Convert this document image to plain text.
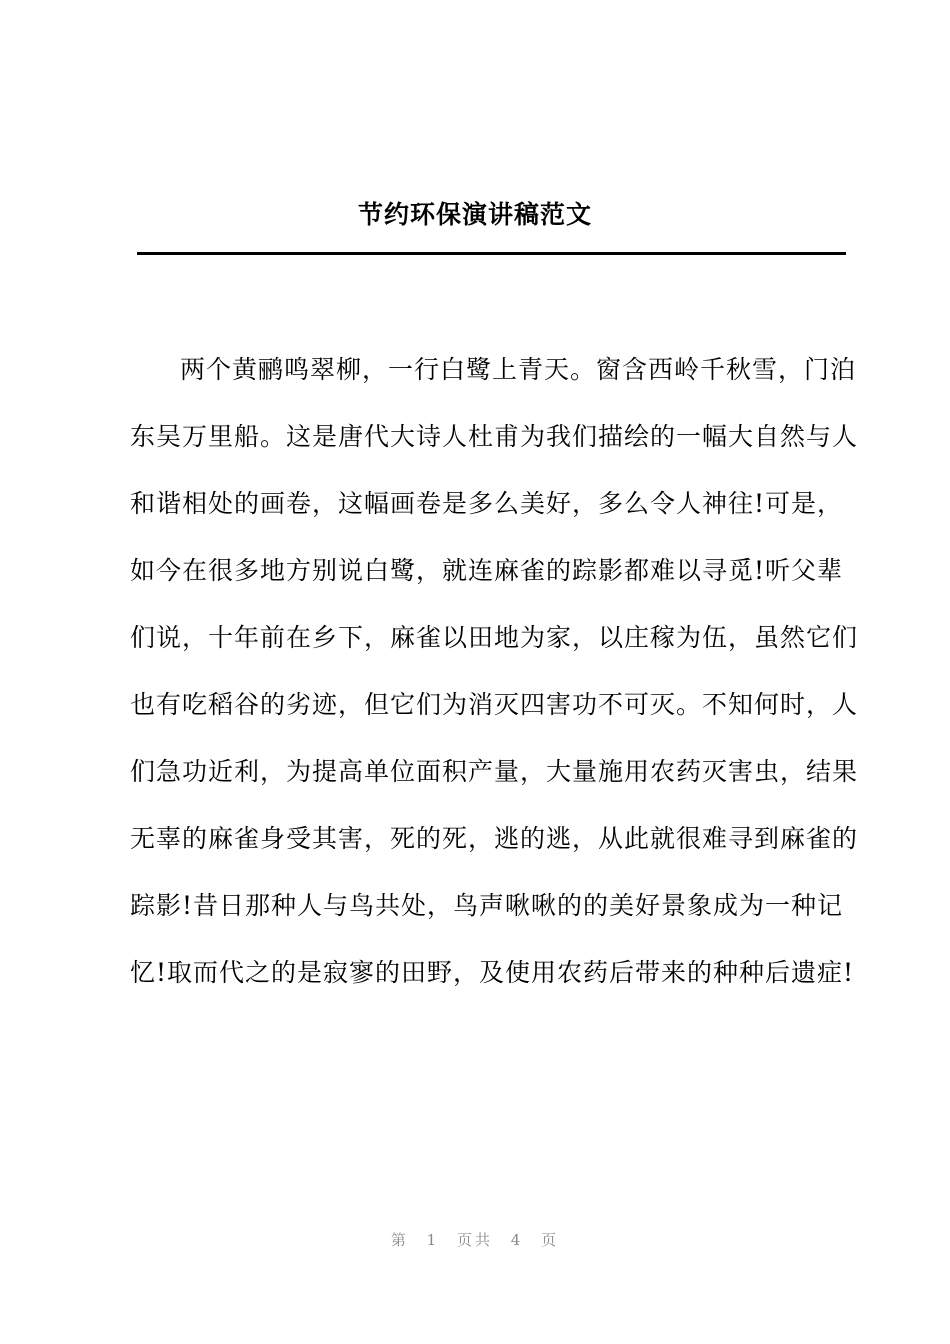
节约环保演讲稿范文
两个黄鹂鸣翠柳，一行白鹭上青天。窗含西岭千秋雪，门泊
东吴万里船。这是唐代大诗人杜甫为我们描绘的一幅大自然与人
和谐相处的画卷，这幅画卷是多么美好，多么令人神往!可是，
如今在很多地方别说白鹭，就连麻雀的踪影都难以寻觅!听父辈
们说，十年前在乡下，麻雀以田地为家，以庄稼为伍，虽然它们
也有吃稻谷的劣迹，但它们为消灭四害功不可灭。不知何时，人
们急功近利，为提高单位面积产量，大量施用农药灭害虫，结果
无辜的麻雀身受其害，死的死，逃的逃，从此就很难寻到麻雀的
踪影!昔日那种人与鸟共处，鸟声啾啾的的美好景象成为一种记
忆!取而代之的是寂寥的田野，及使用农药后带来的种种后遗症!
第 1 页共 4 页
